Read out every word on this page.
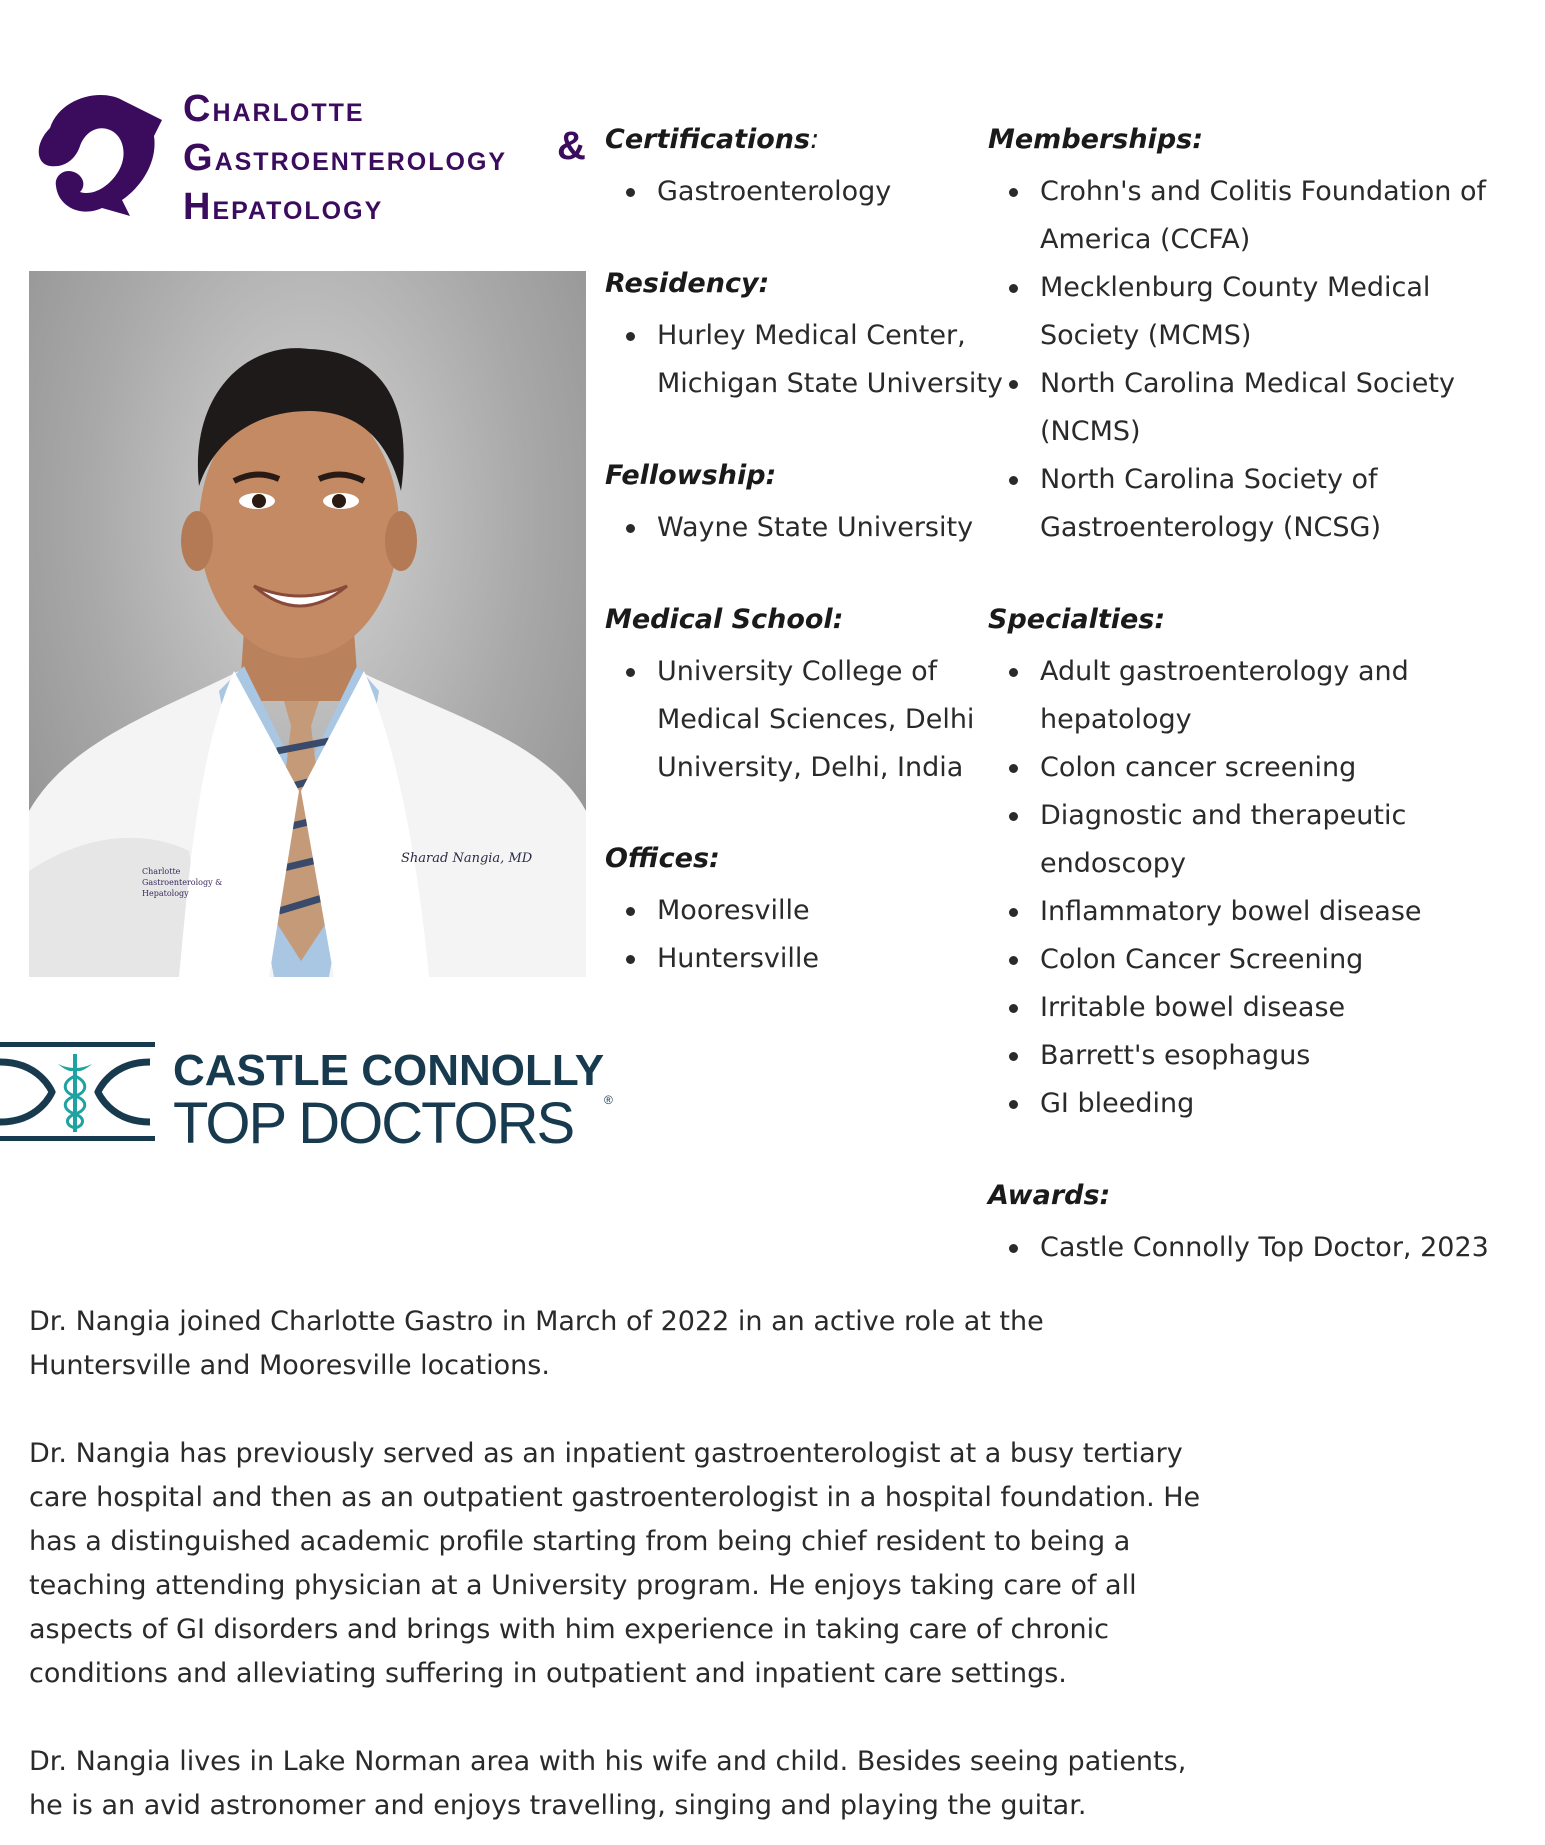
CHARLOTTE
GASTROENTEROLOGY
HEPATOLOGY
&
Charlotte
Gastroenterology &
Hepatology
Sharad Nangia, MD
CASTLE CONNOLLY
TOP DOCTORS	®
Certifications:
Gastroenterology
Residency:
Hurley Medical Center,
Michigan State University
Fellowship:
Wayne State University
Medical School:
University College of
Medical Sciences, Delhi
University, Delhi, India
Offices:
Mooresville
Huntersville
Memberships:
Crohn's and Colitis Foundation of
America (CCFA)
Mecklenburg County Medical
Society (MCMS)
North Carolina Medical Society
(NCMS)
North Carolina Society of
Gastroenterology (NCSG)
Specialties:
Adult gastroenterology and
hepatology
Colon cancer screening
Diagnostic and therapeutic
endoscopy
Inflammatory bowel disease
Colon Cancer Screening
Irritable bowel disease
Barrett's esophagus
GI bleeding
Awards:
Castle Connolly Top Doctor, 2023
Dr. Nangia joined Charlotte Gastro in March of 2022 in an active role at the
Huntersville and Mooresville locations.
Dr. Nangia has previously served as an inpatient gastroenterologist at a busy tertiary
care hospital and then as an outpatient gastroenterologist in a hospital foundation. He
has a distinguished academic profile starting from being chief resident to being a
teaching attending physician at a University program. He enjoys taking care of all
aspects of GI disorders and brings with him experience in taking care of chronic
conditions and alleviating suffering in outpatient and inpatient care settings.
Dr. Nangia lives in Lake Norman area with his wife and child. Besides seeing patients,
he is an avid astronomer and enjoys travelling, singing and playing the guitar.
